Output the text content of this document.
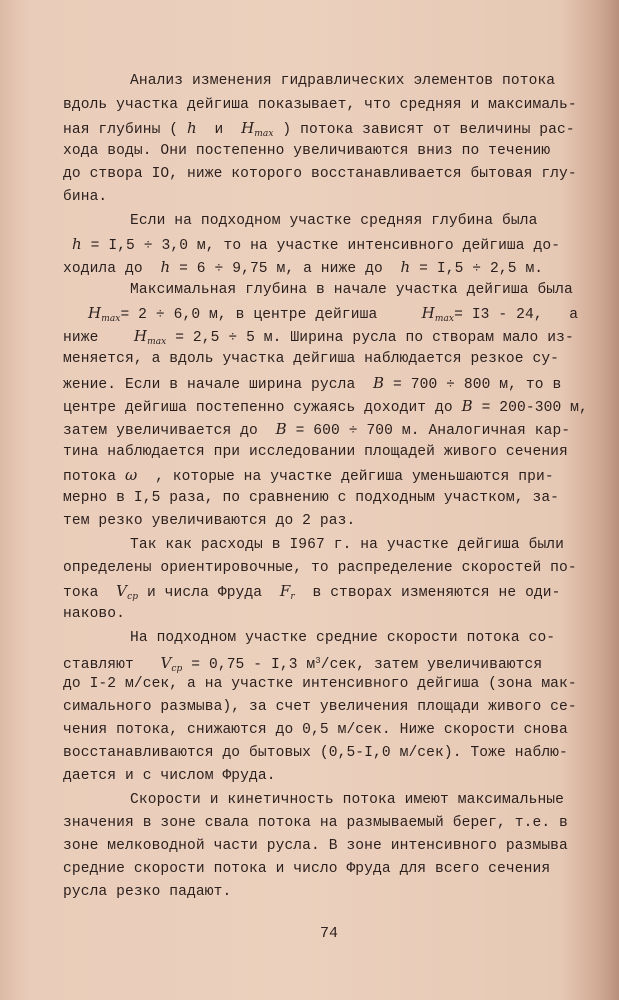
Анализ изменения гидравлических элементов потока
вдоль участка дейгиша показывает, что средняя и максималь-
ная глубины ( h и $H_{max}$ ) потока зависят от величины рас-
хода воды. Они постепенно увеличиваются вниз по течению
до створа IO, ниже которого восстанавливается бытовая глу-
бина.
Если на подходном участке средняя глубина была
h = I,5 ÷ 3,0 м, то на участке интенсивного дейгиша до-
ходила до h = 6 ÷ 9,75 м, а ниже до h = I,5 ÷ 2,5 м.
Максимальная глубина в начале участка дейгиша была
$H_{max}= 2 \div 6,0$ м, в центре дейгиша	$H_{max}= I3 - 24$,   а
ниже $H_{max} = 2,5 \div 5$ м. Ширина русла по створам мало из-
меняется, а вдоль участка дейгиша наблюдается резкое су-
жение. Если в начале ширина русла B = 700 ÷ 800 м, то в
центре дейгиша постепенно сужаясь доходит до B = 200-300 м,
затем увеличивается до B = 600 ÷ 700 м. Аналогичная кар-
тина наблюдается при исследовании площадей живого сечения
потока ω , которые на участке дейгиша уменьшаются при-
мерно в I,5 раза, по сравнению с подходным участком, за-
тем резко увеличиваются до 2 раз.
Так как расходы в I967 г. на участке дейгиша были
определены ориентировочные, то распределение скоростей по-
тока $V_{ср}$ и числа Фруда $F_r$ в створах изменяются не оди-
наково.
На подходном участке средние скорости потока со-
ставляют $V_{ср} = 0,75 - I,3$ $м^3$/сек, затем увеличиваются
до I-2 м/сек, а на участке интенсивного дейгиша (зона мак-
симального размыва), за счет увеличения площади живого се-
чения потока, снижаются до 0,5 м/сек. Ниже скорости снова
восстанавливаются до бытовых (0,5-I,0 м/сек). Тоже наблю-
дается и с числом Фруда.
Скорости и кинетичность потока имеют максимальные
значения в зоне свала потока на размываемый берег, т.е. в
зоне мелководной части русла. В зоне интенсивного размыва
средние скорости потока и число Фруда для всего сечения
русла резко падают.
74
